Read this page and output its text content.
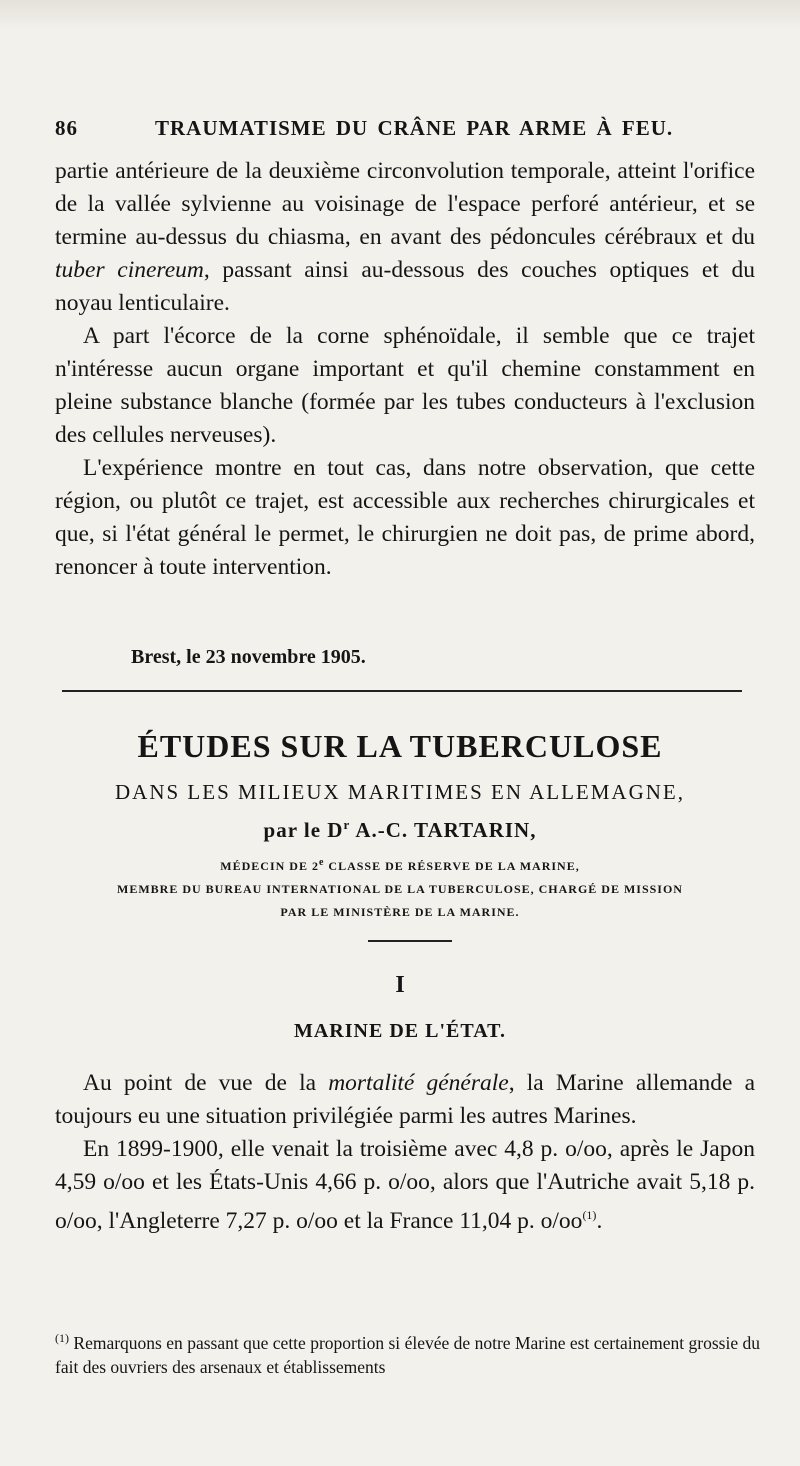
86	TRAUMATISME DU CRÂNE PAR ARME À FEU.

partie antérieure de la deuxième circonvolution temporale, atteint l'orifice de la vallée sylvienne au voisinage de l'espace perforé antérieur, et se termine au-dessus du chiasma, en avant des pédoncules cérébraux et du tuber cinereum, passant ainsi au-dessous des couches optiques et du noyau lenticulaire.

A part l'écorce de la corne sphénoïdale, il semble que ce trajet n'intéresse aucun organe important et qu'il chemine constamment en pleine substance blanche (formée par les tubes conducteurs à l'exclusion des cellules nerveuses).

L'expérience montre en tout cas, dans notre observation, que cette région, ou plutôt ce trajet, est accessible aux recherches chirurgicales et que, si l'état général le permet, le chirurgien ne doit pas, de prime abord, renoncer à toute intervention.

Brest, le 23 novembre 1905.
ÉTUDES SUR LA TUBERCULOSE
DANS LES MILIEUX MARITIMES EN ALLEMAGNE,
par le $D^r$ A.-C. TARTARIN,
MÉDECIN DE 2e CLASSE DE RÉSERVE DE LA MARINE,
MEMBRE DU BUREAU INTERNATIONAL DE LA TUBERCULOSE, CHARGÉ DE MISSION
PAR LE MINISTÈRE DE LA MARINE.
I
MARINE DE L'ÉTAT.

Au point de vue de la mortalité générale, la Marine allemande a toujours eu une situation privilégiée parmi les autres Marines.

En 1899-1900, elle venait la troisième avec 4,8 p. o/oo, après le Japon 4,59 o/oo et les États-Unis 4,66 p. o/oo, alors que l'Autriche avait 5,18 p. o/oo, l'Angleterre 7,27 p. o/oo et la France 11,04 p. $o/oo^{(1)}$.

$^{(1)}$ Remarquons en passant que cette proportion si élevée de notre Marine est certainement grossie du fait des ouvriers des arsenaux et établissements
